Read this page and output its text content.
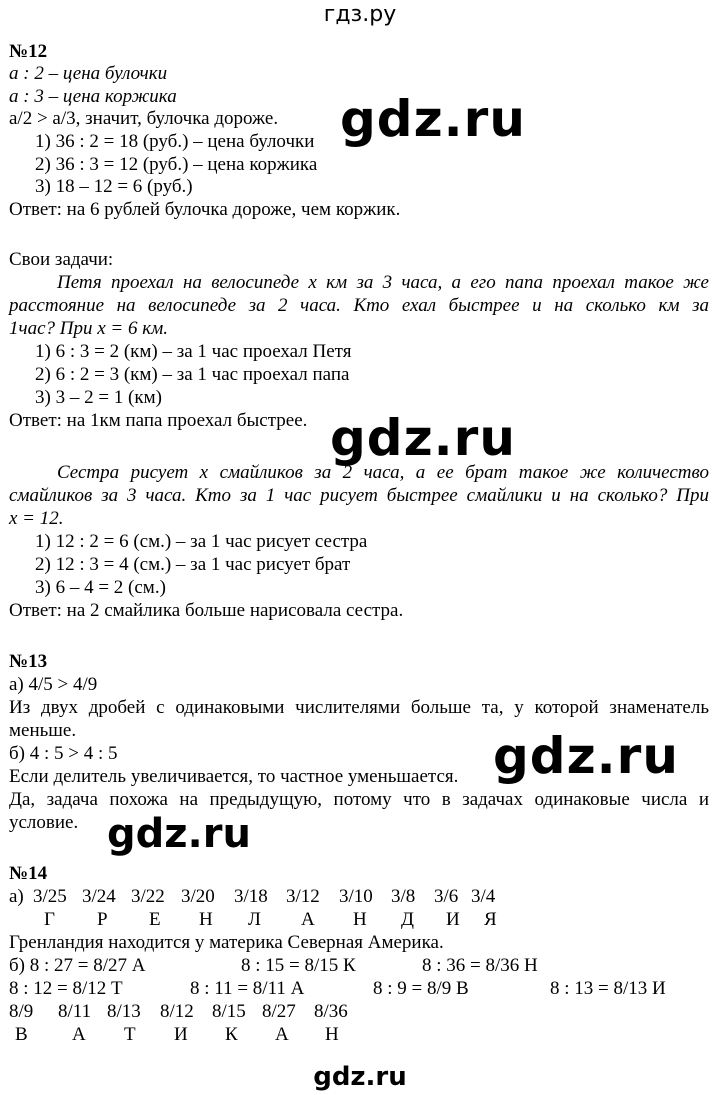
гдз.ру
№12
а : 2 – цена булочки
а : 3 – цена коржика
а/2 > а/3, значит, булочка дороже.
1) 36 : 2 = 18 (руб.) – цена булочки
2) 36 : 3 = 12 (руб.) – цена коржика
3) 18 – 12 = 6 (руб.)
Ответ: на 6 рублей булочка дороже, чем коржик.
Свои задачи:
Петя проехал на велосипеде х км за 3 часа, а его папа проехал такое же
расстояние на велосипеде за 2 часа. Кто ехал быстрее и на сколько км за
1час? При х = 6 км.
1) 6 : 3 = 2 (км) – за 1 час проехал Петя
2) 6 : 2 = 3 (км) – за 1 час проехал папа
3) 3 – 2 = 1 (км)
Ответ: на 1км папа проехал быстрее.
Сестра рисует х смайликов за 2 часа, а ее брат такое же количество
смайликов за 3 часа. Кто за 1 час рисует быстрее смайлики и на сколько? При
х = 12.
1) 12 : 2 = 6 (см.) – за 1 час рисует сестра
2) 12 : 3 = 4 (см.) – за 1 час рисует брат
3) 6 – 4 = 2 (см.)
Ответ: на 2 смайлика больше нарисовала сестра.
№13
а) 4/5 > 4/9
Из двух дробей с одинаковыми числителями больше та, у которой знаменатель
меньше.
б) 4 : 5 > 4 : 5
Если делитель увеличивается, то частное уменьшается.
Да, задача похожа на предыдущую, потому что в задачах одинаковые числа и
условие.
№14
а) 3/25 3/24 3/22 3/20 3/18 3/12 3/10 3/8 3/6 3/4
Г Р Е Н Л А Н Д И Я
Гренландия находится у материка Северная Америка.
б) 8 : 27 = 8/27 А	8 : 15 = 8/15 К	8 : 36 = 8/36 Н
8 : 12 = 8/12 Т	8 : 11 = 8/11 А	8 : 9 = 8/9 В	8 : 13 = 8/13 И
8/9 8/11 8/13 8/12 8/15 8/27 8/36
В А Т И К А Н
gdz.ru
gdz.ru
gdz.ru
gdz.ru
gdz.ru
